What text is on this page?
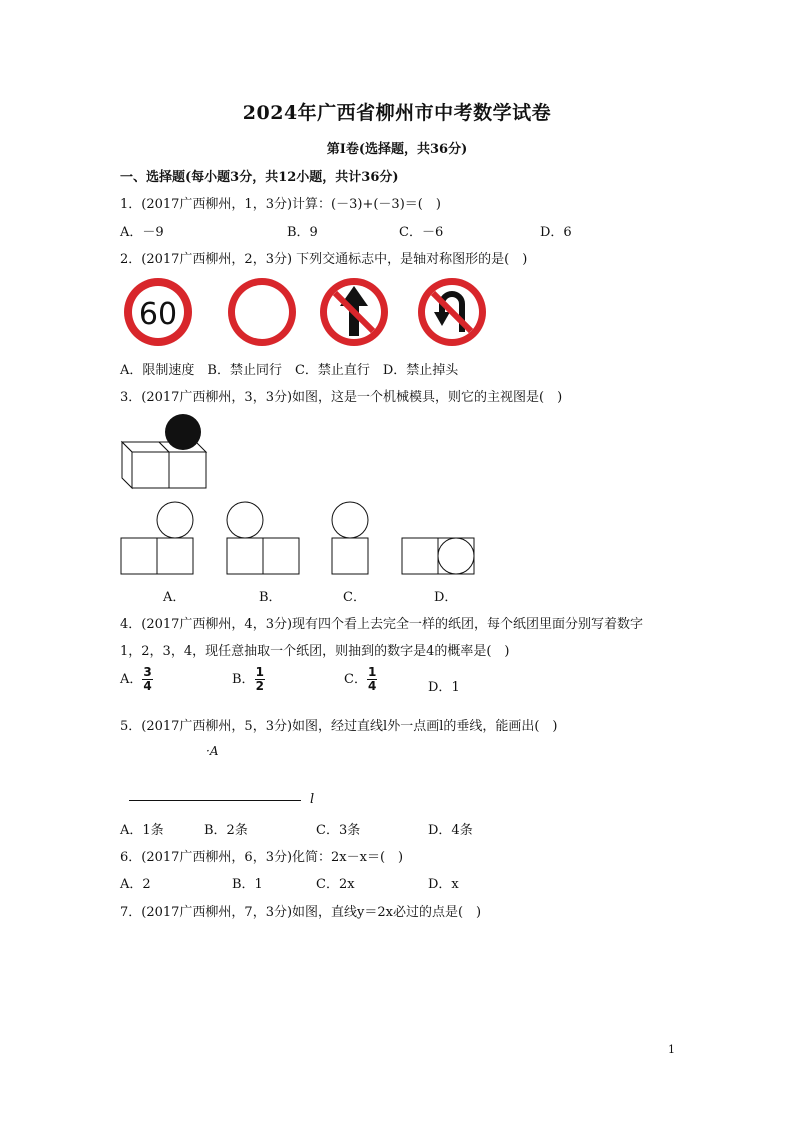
2024年广西省柳州市中考数学试卷
第I卷(选择题，共36分)
一、选择题(每小题3分，共12小题，共计36分)
1．(2017广西柳州，1，3分)计算：(－3)+(－3)＝(　)
A．－9	B．9	C．－6	D．6
2．(2017广西柳州，2，3分) 下列交通标志中，是轴对称图形的是(　)
60
A．限制速度　B．禁止同行　C．禁止直行　D．禁止掉头
3．(2017广西柳州，3，3分)如图，这是一个机械模具，则它的主视图是(　)
A．	B．	C．	D．
4．(2017广西柳州，4，3分)现有四个看上去完全一样的纸团，每个纸团里面分别写着数字
1，2，3，4，现任意抽取一个纸团，则抽到的数字是4的概率是(　)
A． $\frac{3}{4}$	B． $\frac{1}{2}$	C． $\frac{1}{4}$	D．1
5．(2017广西柳州，5，3分)如图，经过直线l外一点画l的垂线，能画出(　)
·A
l
A．1条	B．2条	C．3条	D．4条
6．(2017广西柳州，6，3分)化简：2x－x＝(　)
A．2	B．1	C．2x	D．x
7．(2017广西柳州，7，3分)如图，直线y＝2x必过的点是(　)
1
